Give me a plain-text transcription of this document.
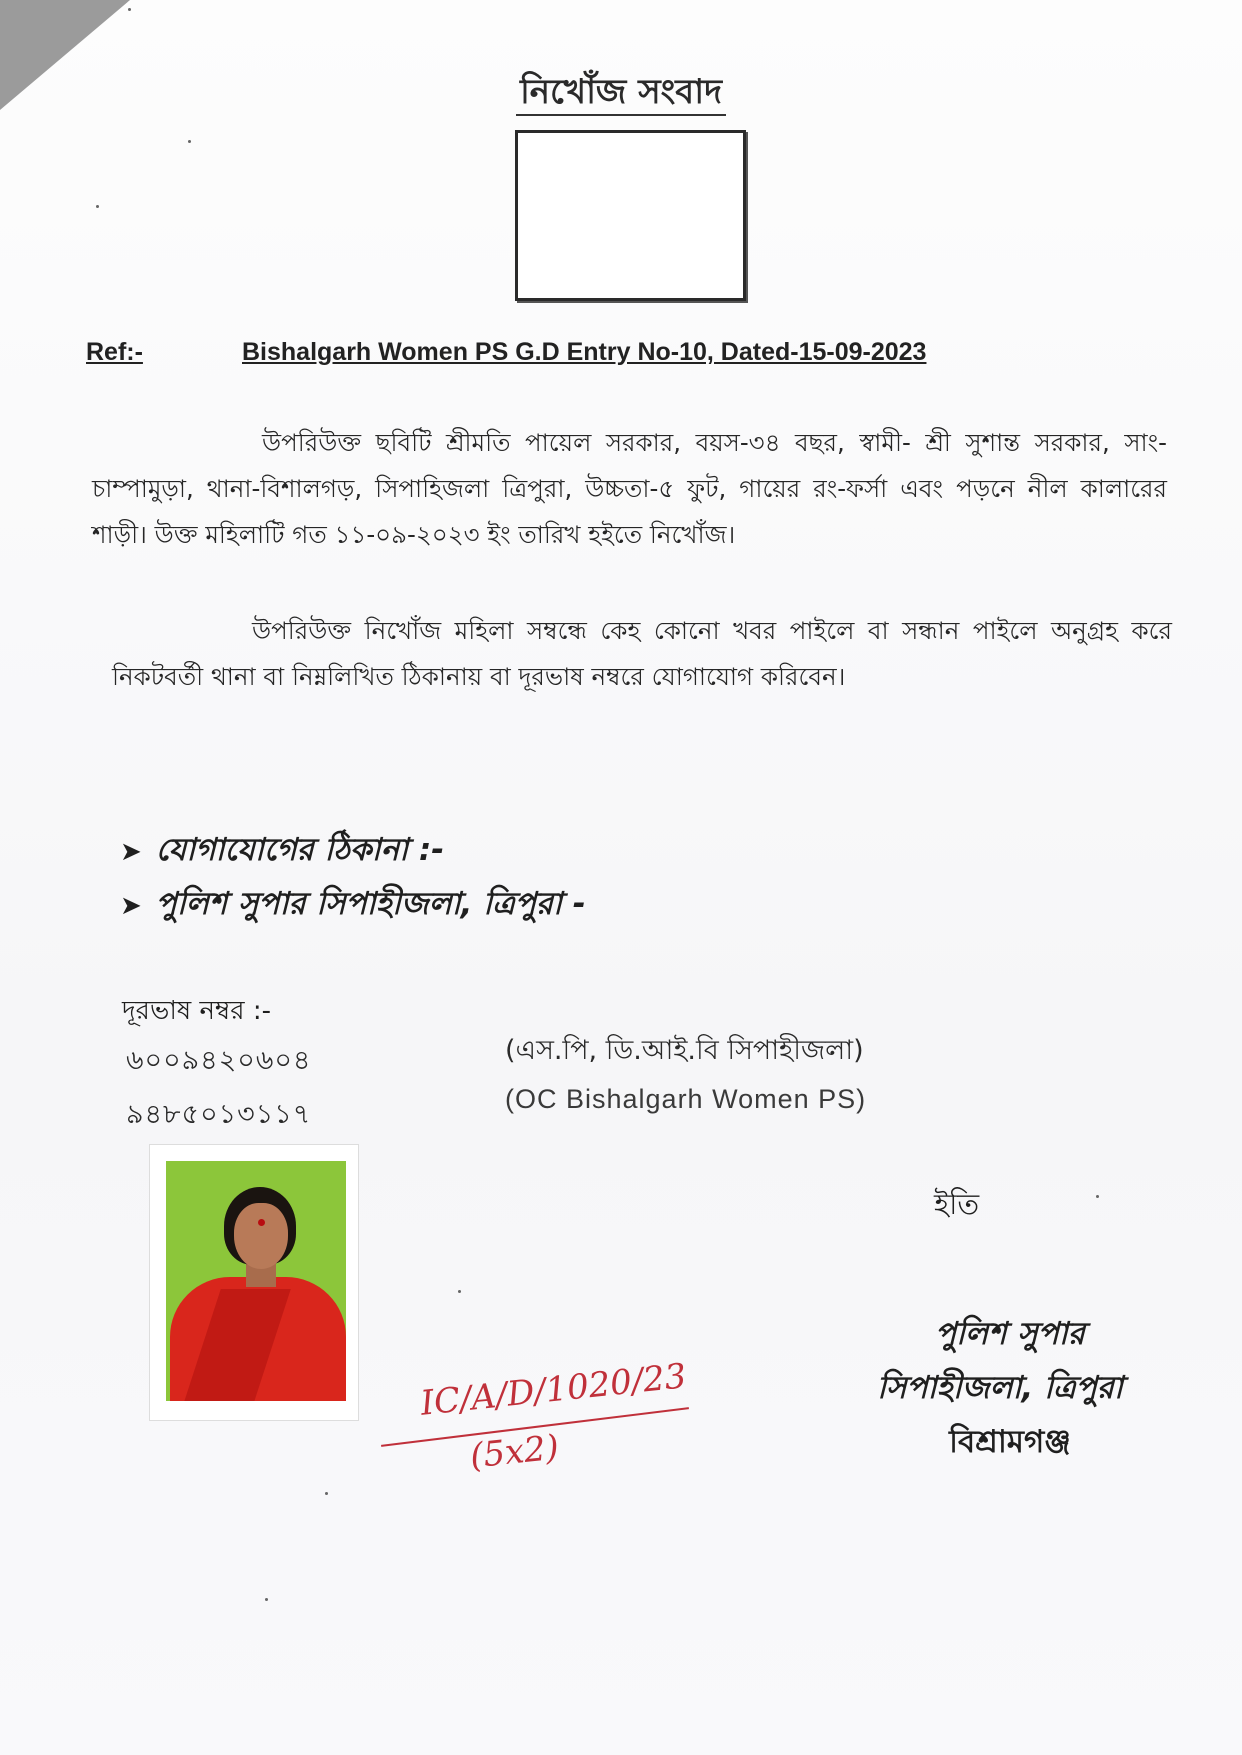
নিখোঁজ সংবাদ
Ref:-	Bishalgarh Women PS G.D Entry No-10, Dated-15-09-2023
উপরিউক্ত ছবিটি শ্রীমতি পায়েল সরকার, বয়স-৩৪ বছর, স্বামী- শ্রী সুশান্ত সরকার, সাং-চাম্পামুড়া, থানা-বিশালগড়, সিপাহিজলা ত্রিপুরা, উচ্চতা-৫ ফুট, গায়ের রং-ফর্সা এবং পড়নে নীল কালারের শাড়ী। উক্ত মহিলাটি গত ১১-০৯-২০২৩ ইং তারিখ হইতে নিখোঁজ।
উপরিউক্ত নিখোঁজ মহিলা সম্বন্ধে কেহ কোনো খবর পাইলে বা সন্ধান পাইলে অনুগ্রহ করে নিকটবর্তী থানা বা নিম্নলিখিত ঠিকানায় বা দূরভাষ নম্বরে যোগাযোগ করিবেন।
➤ যোগাযোগের ঠিকানা :-
➤ পুলিশ সুপার সিপাহীজলা, ত্রিপুরা -
দূরভাষ নম্বর :-
৬০০৯৪২০৬০৪
৯৪৮৫০১৩১১৭
(এস.পি, ডি.আই.বি সিপাহীজলা)
(OC Bishalgarh Women PS)
ইতি
পুলিশ সুপার
সিপাহীজলা, ত্রিপুরা
বিশ্রামগঞ্জ
IC/A/D/1020/23
(5x2)
